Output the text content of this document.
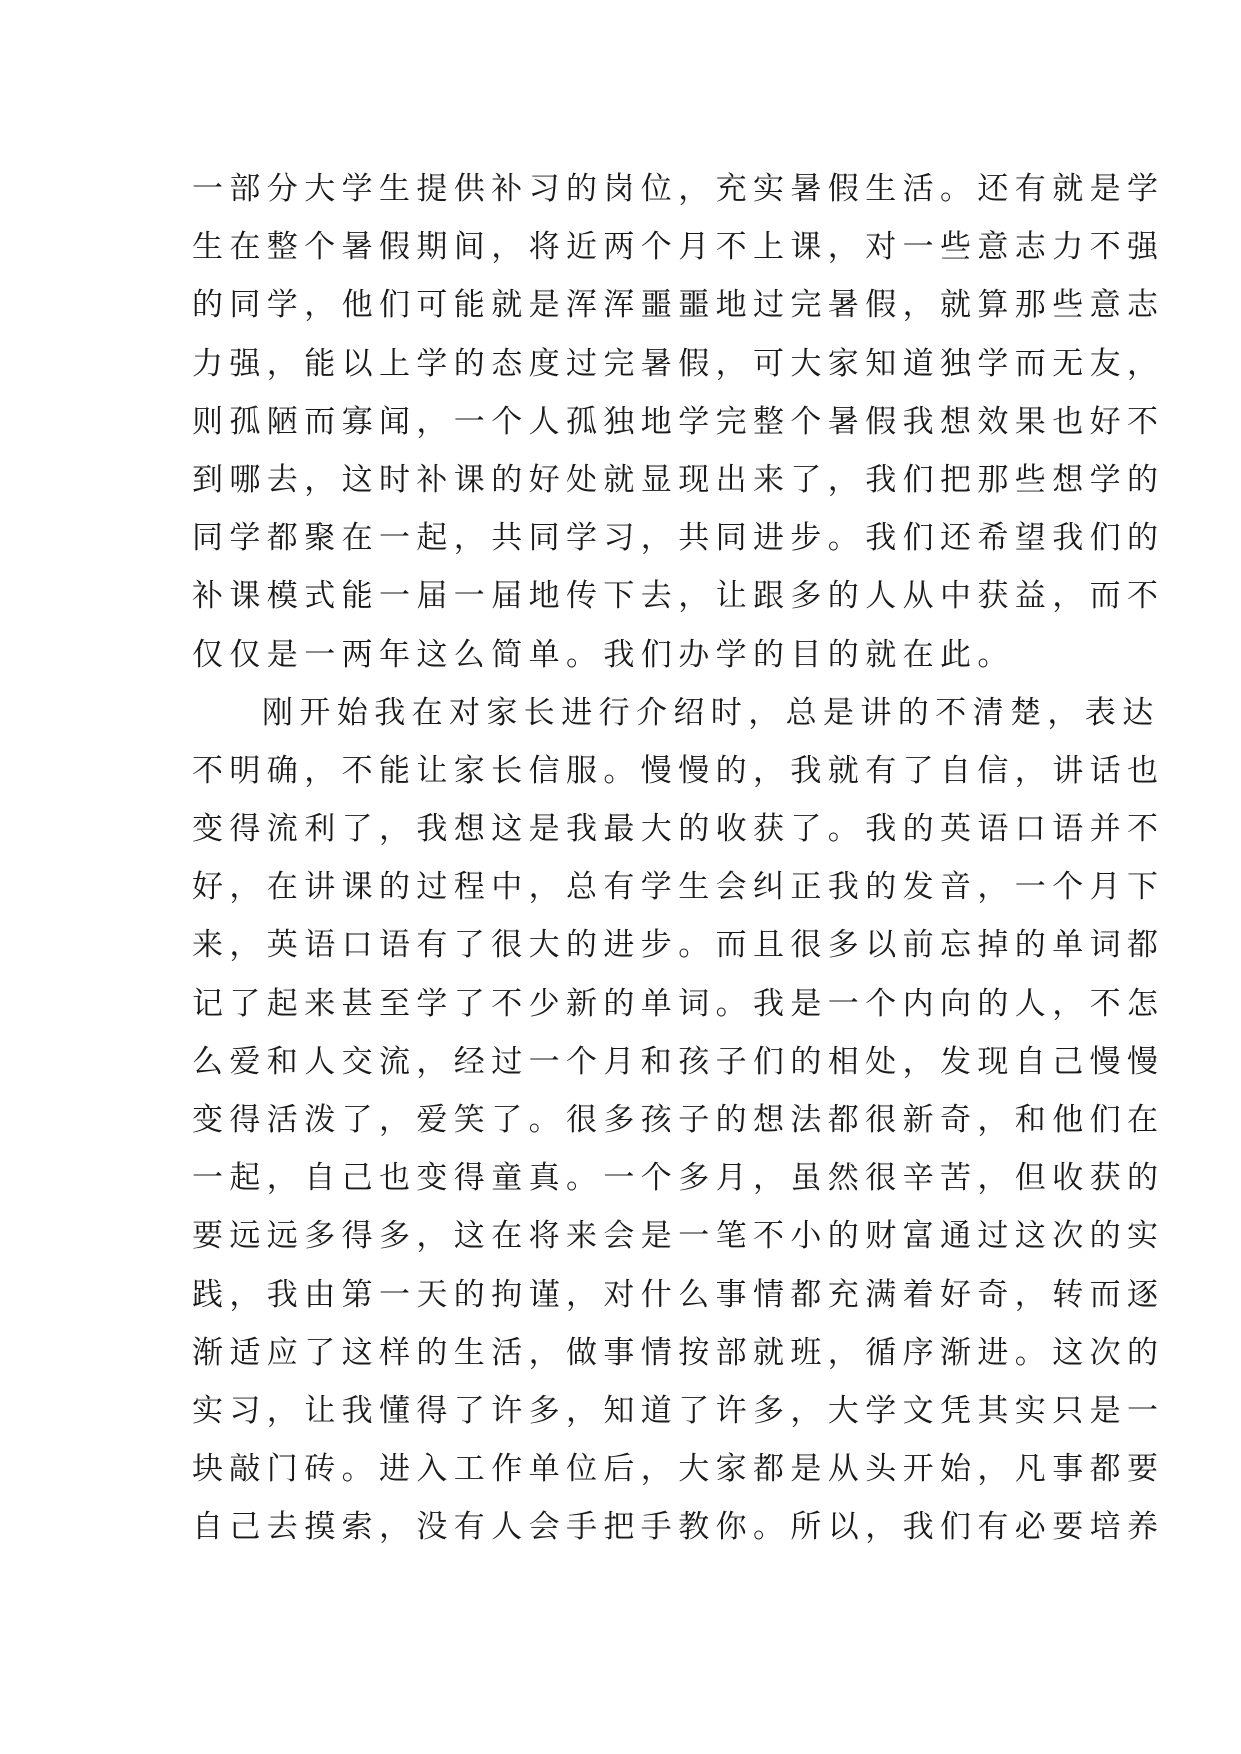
一部分大学生提供补习的岗位，充实暑假生活。还有就是学
生在整个暑假期间，将近两个月不上课，对一些意志力不强
的同学，他们可能就是浑浑噩噩地过完暑假，就算那些意志
力强，能以上学的态度过完暑假，可大家知道独学而无友，
则孤陋而寡闻，一个人孤独地学完整个暑假我想效果也好不
到哪去，这时补课的好处就显现出来了，我们把那些想学的
同学都聚在一起，共同学习，共同进步。我们还希望我们的
补课模式能一届一届地传下去，让跟多的人从中获益，而不
仅仅是一两年这么简单。我们办学的目的就在此。
刚开始我在对家长进行介绍时，总是讲的不清楚，表达
不明确，不能让家长信服。慢慢的，我就有了自信，讲话也
变得流利了，我想这是我最大的收获了。我的英语口语并不
好，在讲课的过程中，总有学生会纠正我的发音，一个月下
来，英语口语有了很大的进步。而且很多以前忘掉的单词都
记了起来甚至学了不少新的单词。我是一个内向的人，不怎
么爱和人交流，经过一个月和孩子们的相处，发现自己慢慢
变得活泼了，爱笑了。很多孩子的想法都很新奇，和他们在
一起，自己也变得童真。一个多月，虽然很辛苦，但收获的
要远远多得多，这在将来会是一笔不小的财富通过这次的实
践，我由第一天的拘谨，对什么事情都充满着好奇，转而逐
渐适应了这样的生活，做事情按部就班，循序渐进。这次的
实习，让我懂得了许多，知道了许多，大学文凭其实只是一
块敲门砖。进入工作单位后，大家都是从头开始，凡事都要
自己去摸索，没有人会手把手教你。所以，我们有必要培养
